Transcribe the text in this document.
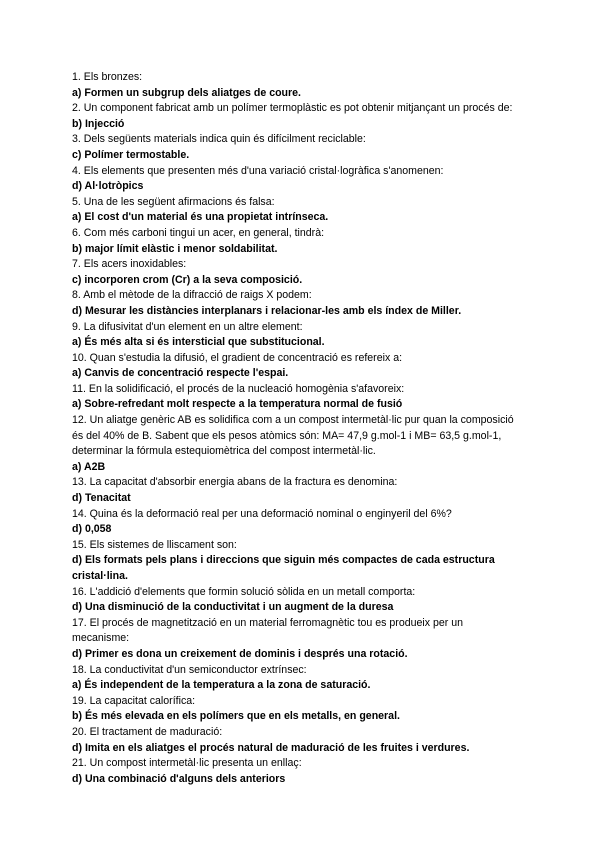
1. Els bronzes:
a) Formen un subgrup dels aliatges de coure.
2. Un component fabricat amb un polímer termoplàstic es pot obtenir mitjançant un procés de:
b) Injecció
3. Dels següents materials indica quin és difícilment reciclable:
c) Polímer termostable.
4. Els elements que presenten més d'una variació cristal·logràfica s'anomenen:
d) Al·lotròpics
5. Una de les següent afirmacions és falsa:
a) El cost d'un material és una propietat intrínseca.
6. Com més carboni tingui un acer, en general, tindrà:
b) major límit elàstic i menor soldabilitat.
7. Els acers inoxidables:
c) incorporen crom (Cr) a la seva composició.
8. Amb el mètode de la difracció de raigs X podem:
d) Mesurar les distàncies interplanars i relacionar-les amb els índex de Miller.
9. La difusivitat d'un element en un altre element:
a) És més alta si és intersticial que substitucional.
10. Quan s'estudia la difusió, el gradient de concentració es refereix a:
a) Canvis de concentració respecte l'espai.
11. En la solidificació, el procés de la nucleació homogènia s'afavoreix:
a) Sobre-refredant molt respecte a la temperatura normal de fusió
12. Un aliatge genèric AB es solidifica com a un compost intermetàl·lic pur quan la composició és del 40% de B. Sabent que els pesos atòmics són: MA= 47,9 g.mol-1 i MB= 63,5 g.mol-1, determinar la fórmula estequiomètrica del compost intermetàl·lic.
a) A2B
13. La capacitat d'absorbir energia abans de la fractura es denomina:
d) Tenacitat
14. Quina és la deformació real per una deformació nominal o enginyeril del 6%?
d) 0,058
15. Els sistemes de lliscament son:
d) Els formats pels plans i direccions que siguin més compactes de cada estructura cristal·lina.
16. L'addició d'elements que formin solució sòlida en un metall comporta:
d) Una disminució de la conductivitat i un augment de la duresa
17. El procés de magnetització en un material ferromagnètic tou es produeix per un mecanisme:
d) Primer es dona un creixement de dominis i després una rotació.
18. La conductivitat d'un semiconductor extrínsec:
a) És independent de la temperatura a la zona de saturació.
19. La capacitat calorífica:
b) És més elevada en els polímers que en els metalls, en general.
20. El tractament de maduració:
d) Imita en els aliatges el procés natural de maduració de les fruites i verdures.
21. Un compost intermetàl·lic presenta un enllaç:
d) Una combinació d'alguns dels anteriors
